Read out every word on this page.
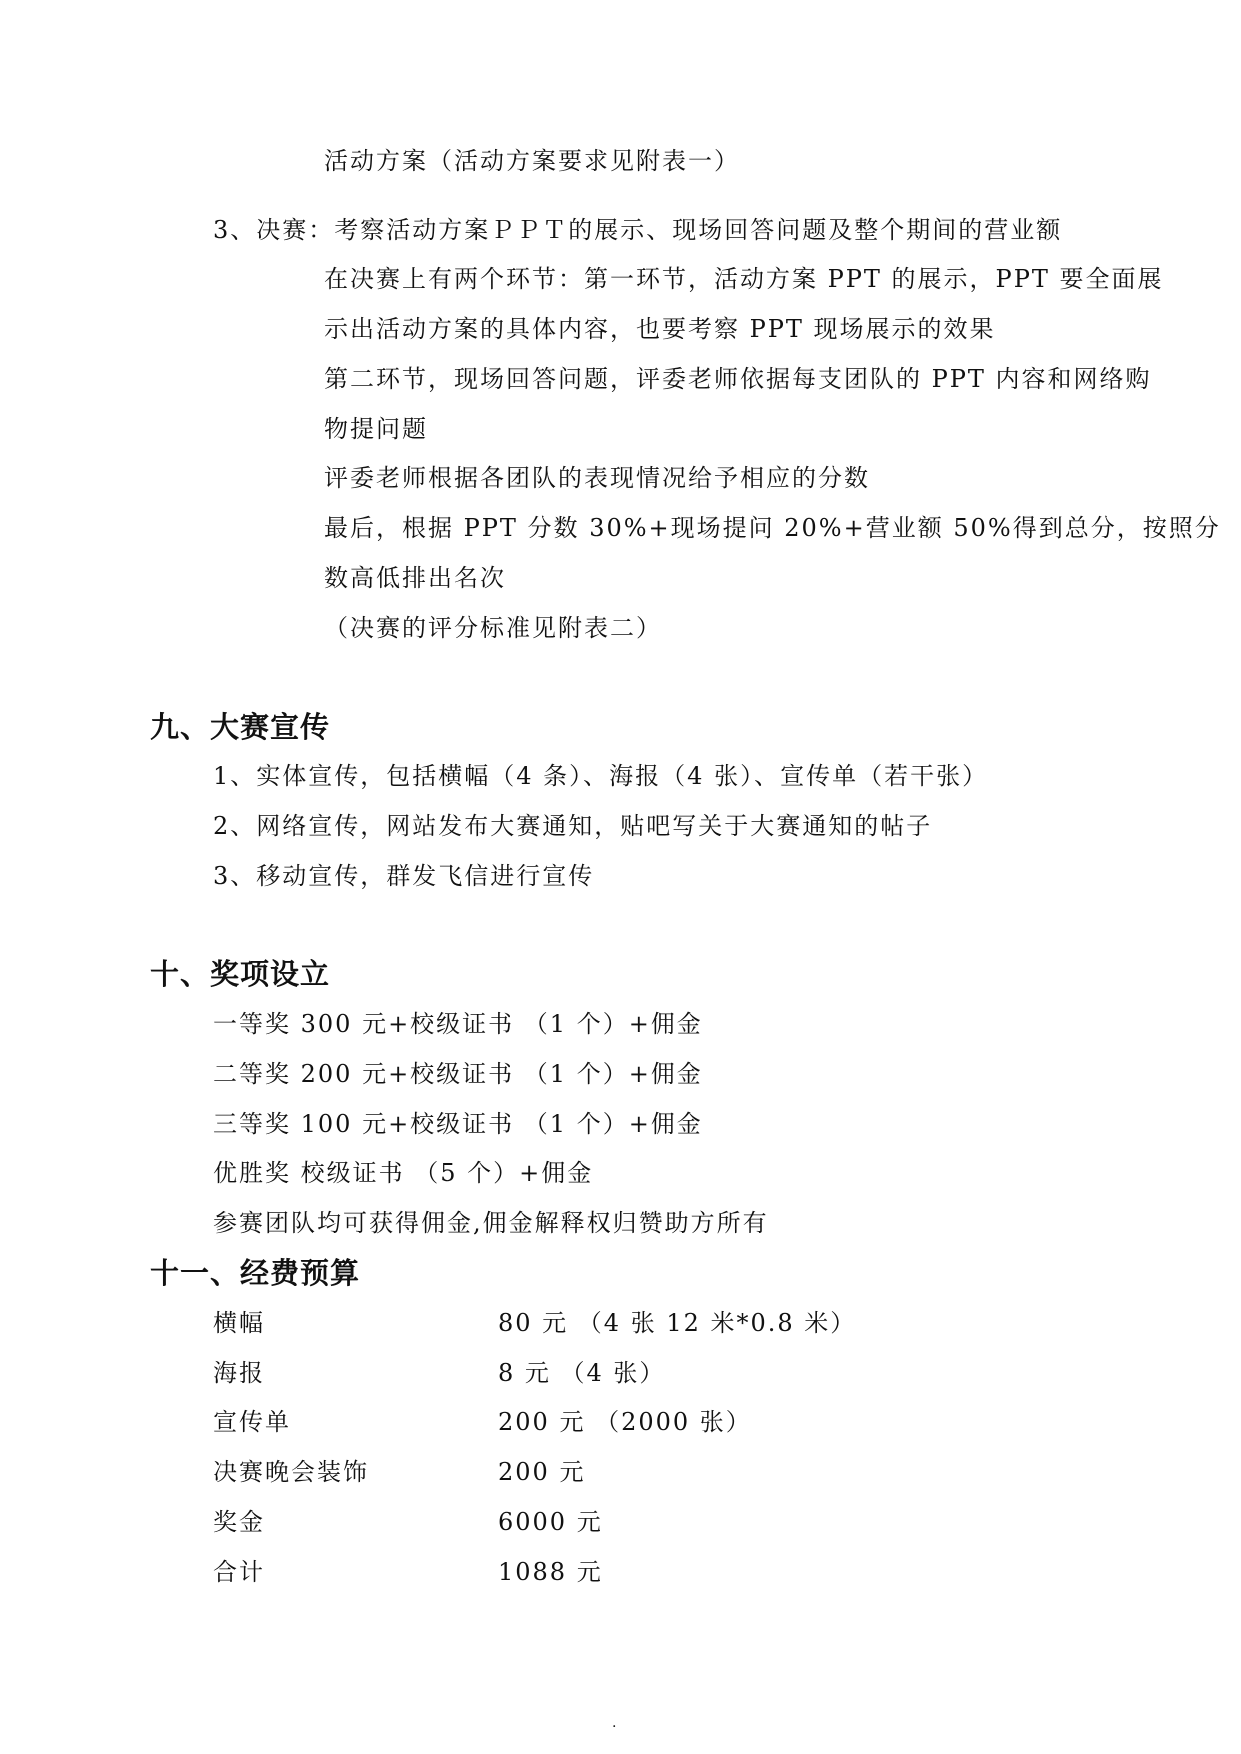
活动方案（活动方案要求见附表一）
3、决赛：考察活动方案ＰＰＴ的展示、现场回答问题及整个期间的营业额
在决赛上有两个环节：第一环节，活动方案 PPT 的展示，PPT 要全面展
示出活动方案的具体内容，也要考察 PPT 现场展示的效果
第二环节，现场回答问题，评委老师依据每支团队的 PPT 内容和网络购
物提问题
评委老师根据各团队的表现情况给予相应的分数
最后，根据 PPT 分数 30%+现场提问 20%+营业额 50%得到总分，按照分
数高低排出名次
（决赛的评分标准见附表二）
九、大赛宣传
1、实体宣传，包括横幅（4 条）、海报（4 张）、宣传单（若干张）
2、网络宣传，网站发布大赛通知，贴吧写关于大赛通知的帖子
3、移动宣传，群发飞信进行宣传
十、奖项设立
一等奖 300 元+校级证书 （1 个）+佣金
二等奖 200 元+校级证书 （1 个）+佣金
三等奖 100 元+校级证书 （1 个）+佣金
优胜奖 校级证书 （5 个）+佣金
参赛团队均可获得佣金,佣金解释权归赞助方所有
十一、经费预算
横幅	80 元 （4 张 12 米*0.8 米）
海报	8 元 （4 张）
宣传单	200 元 （2000 张）
决赛晚会装饰	200 元
奖金	6000 元
合计	1088 元
.
